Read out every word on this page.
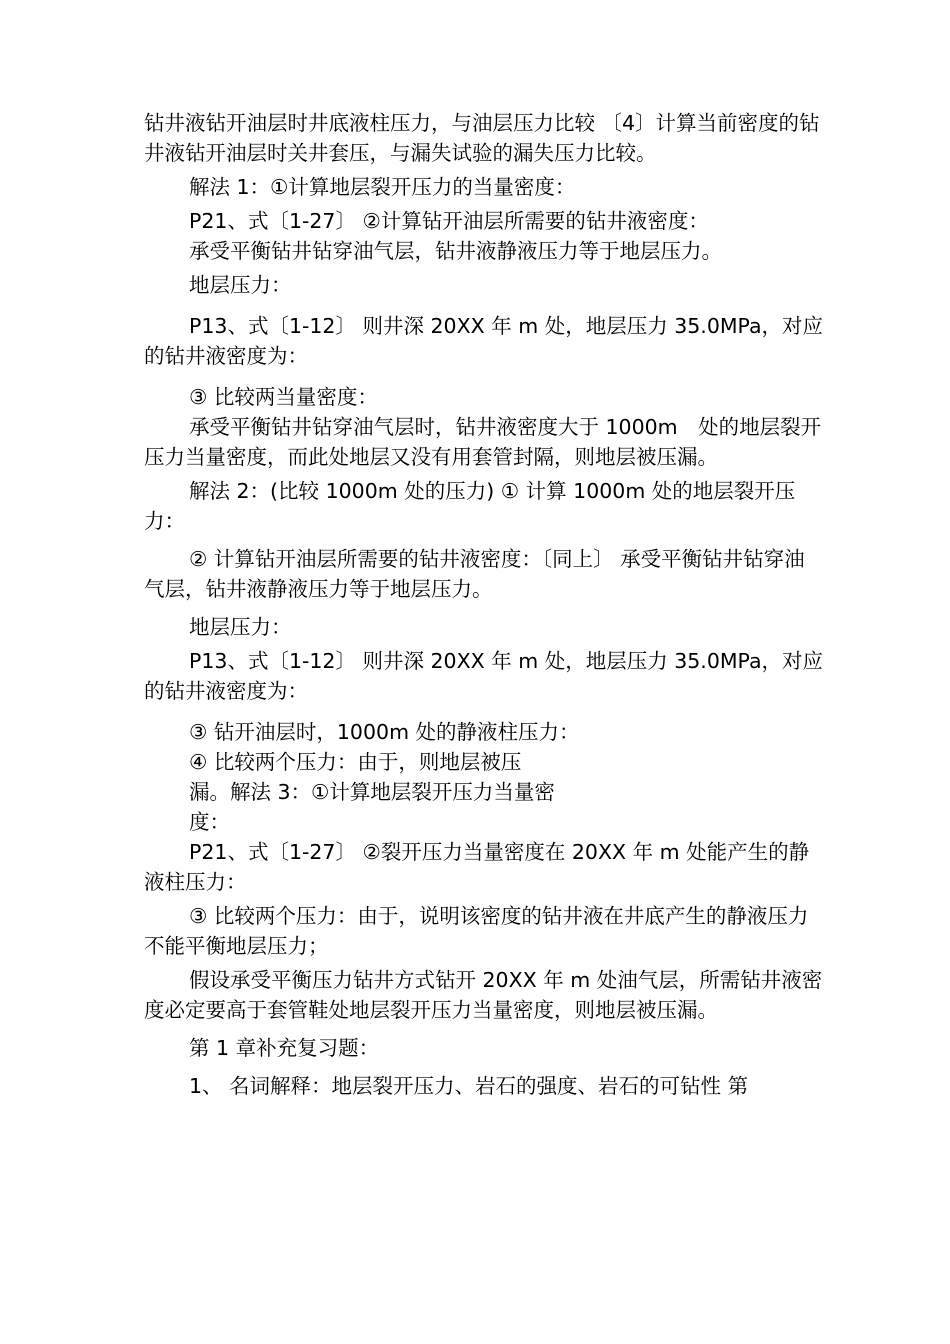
钻井液钻开油层时井底液柱压力，与油层压力比较 〔4〕计算当前密度的钻井液钻开油层时关井套压，与漏失试验的漏失压力比较。

解法 1：①计算地层裂开压力的当量密度：

P21、式〔1-27〕 ②计算钻开油层所需要的钻井液密度：

承受平衡钻井钻穿油气层，钻井液静液压力等于地层压力。

地层压力：

P13、式〔1-12〕 则井深 20XX 年 m 处，地层压力 35.0MPa，对应的钻井液密度为：

③ 比较两当量密度：

承受平衡钻井钻穿油气层时，钻井液密度大于 1000m　处的地层裂开压力当量密度，而此处地层又没有用套管封隔，则地层被压漏。

解法 2：(比较 1000m 处的压力) ① 计算 1000m 处的地层裂开压力：

② 计算钻开油层所需要的钻井液密度：〔同上〕 承受平衡钻井钻穿油气层，钻井液静液压力等于地层压力。

地层压力：

P13、式〔1-12〕 则井深 20XX 年 m 处，地层压力 35.0MPa，对应的钻井液密度为：

③ 钻开油层时，1000m 处的静液柱压力：

④ 比较两个压力：由于，则地层被压

漏。解法 3：①计算地层裂开压力当量密

度：

P21、式〔1-27〕 ②裂开压力当量密度在 20XX 年 m 处能产生的静液柱压力：

③ 比较两个压力：由于，说明该密度的钻井液在井底产生的静液压力不能平衡地层压力；

假设承受平衡压力钻井方式钻开 20XX 年 m 处油气层，所需钻井液密度必定要高于套管鞋处地层裂开压力当量密度，则地层被压漏。

第 1 章补充复习题：

1、 名词解释：地层裂开压力、岩石的强度、岩石的可钻性 第
